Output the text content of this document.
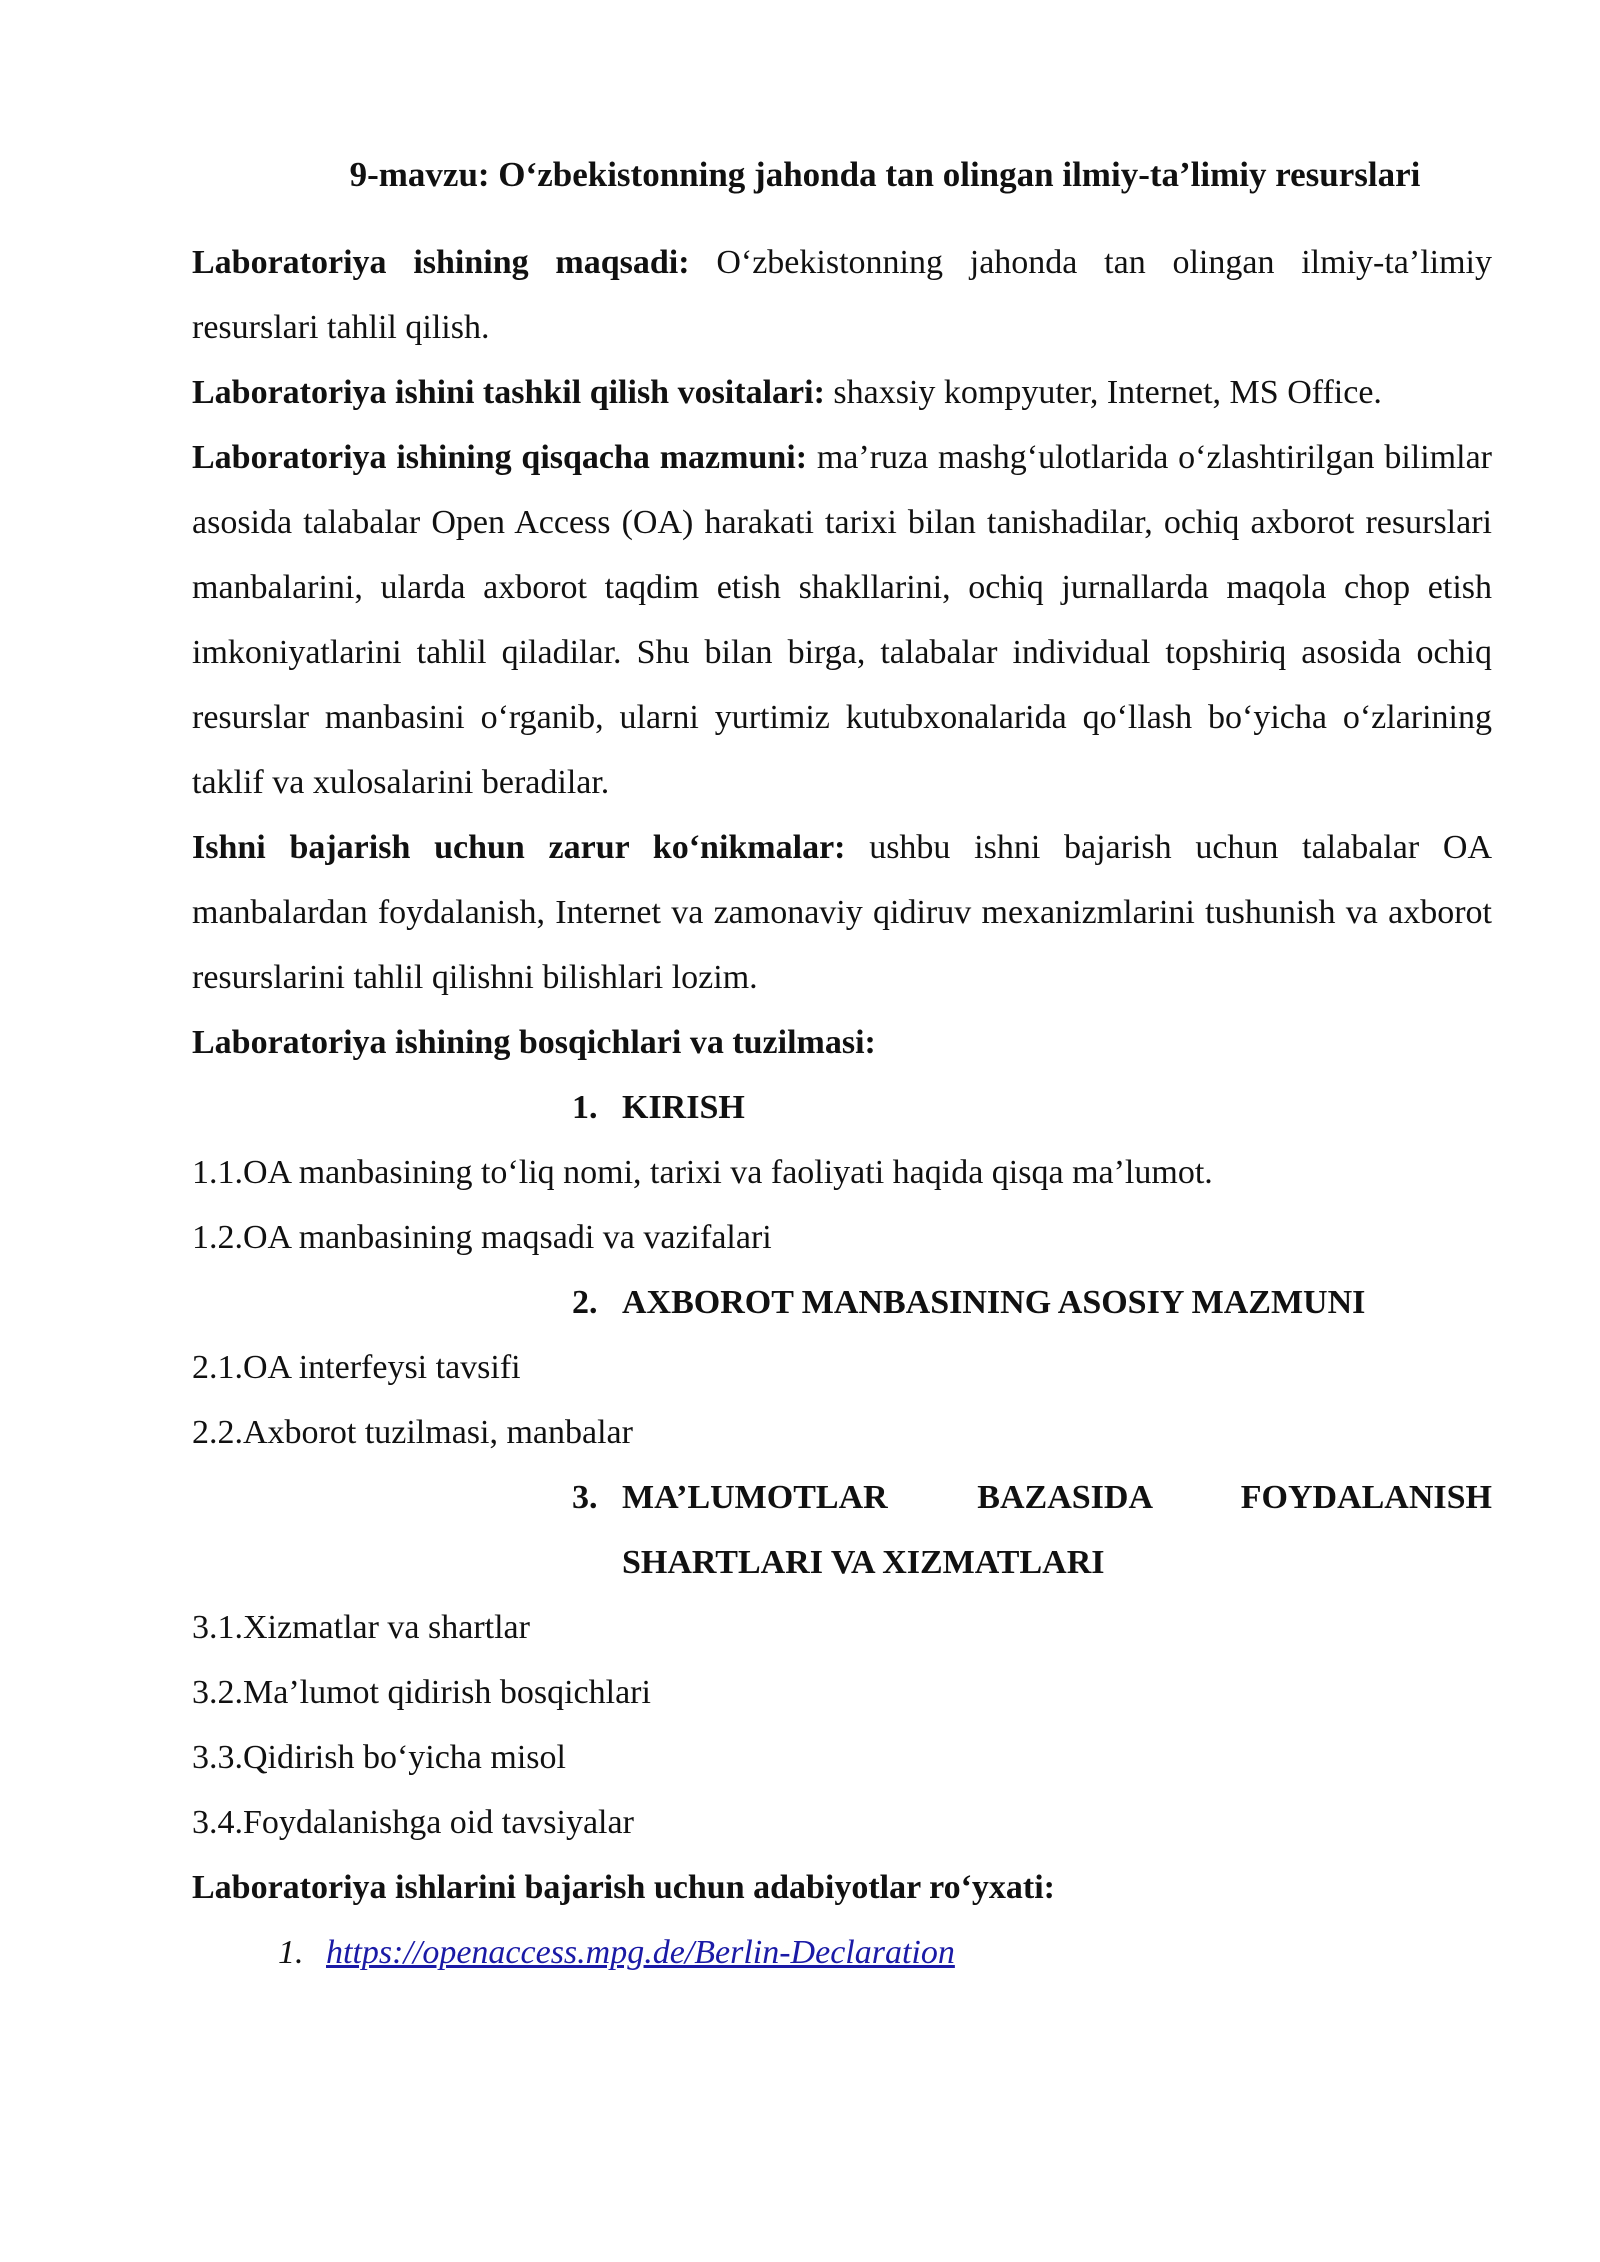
9-mavzu: O‘zbekistonning jahonda tan olingan ilmiy-ta’limiy resurslari

Laboratoriya ishining maqsadi: O‘zbekistonning jahonda tan olingan ilmiy-ta’limiy resurslari tahlil qilish.

Laboratoriya ishini tashkil qilish vositalari: shaxsiy kompyuter, Internet, MS Office.

Laboratoriya ishining qisqacha mazmuni: ma’ruza mashg‘ulotlarida o‘zlashtirilgan bilimlar asosida talabalar Open Access (OA) harakati tarixi bilan tanishadilar, ochiq axborot resurslari manbalarini, ularda axborot taqdim etish shakllarini, ochiq jurnallarda maqola chop etish imkoniyatlarini tahlil qiladilar. Shu bilan birga, talabalar individual topshiriq asosida ochiq resurslar manbasini o‘rganib, ularni yurtimiz kutubxonalarida qo‘llash bo‘yicha o‘zlarining taklif va xulosalarini beradilar.

Ishni bajarish uchun zarur ko‘nikmalar: ushbu ishni bajarish uchun talabalar OA manbalardan foydalanish, Internet va zamonaviy qidiruv mexanizmlarini tushunish va axborot resurslarini tahlil qilishni bilishlari lozim.

Laboratoriya ishining bosqichlari va tuzilmasi:

1. KIRISH

1.1.OA manbasining to‘liq nomi, tarixi va faoliyati haqida qisqa ma’lumot.

1.2.OA manbasining maqsadi va vazifalari

2. AXBOROT MANBASINING ASOSIY MAZMUNI

2.1.OA interfeysi tavsifi

2.2.Axborot tuzilmasi, manbalar

3. MA’LUMOTLAR BAZASIDA FOYDALANISH
SHARTLARI VA XIZMATLARI

3.1.Xizmatlar va shartlar

3.2.Ma’lumot qidirish bosqichlari

3.3.Qidirish bo‘yicha misol

3.4.Foydalanishga oid tavsiyalar

Laboratoriya ishlarini bajarish uchun adabiyotlar ro‘yxati:

1. https://openaccess.mpg.de/Berlin-Declaration
